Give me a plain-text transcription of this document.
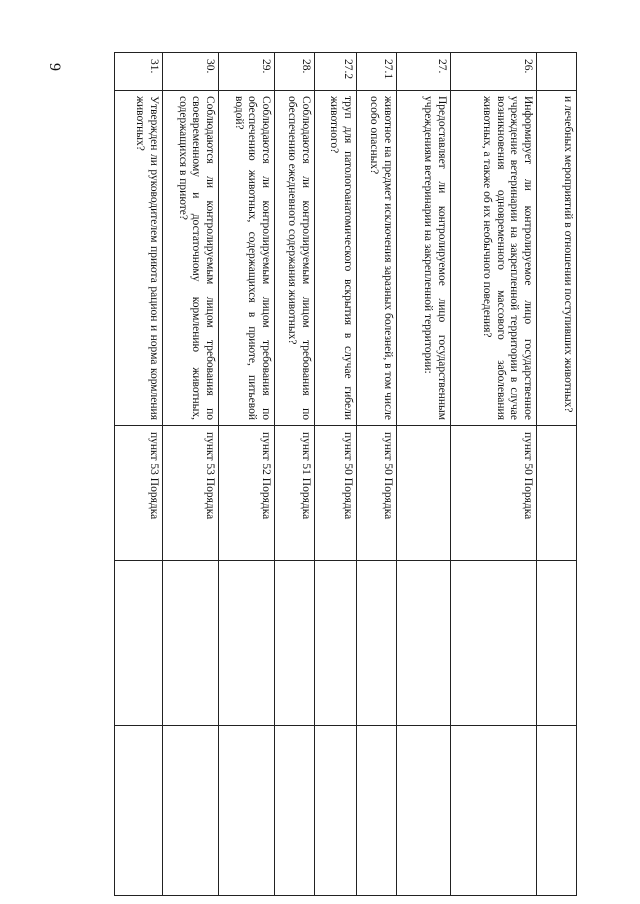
9
	и лечебных мероприятий в отношении поступивших животных?			
26.	Информирует ли контролируемое лицо государственное учреждение ветеринарии на закрепленной территории в случае возникновения одновременного массового заболевания животных, а также об их необычного поведения?	пункт 50 Порядка		
27.	Предоставляет ли контролируемое лицо государственным учреждениям ветеринарии на закрепленной территории:			
27.1	животное на предмет исключения заразных болезней, в том числе особо опасных?	пункт 50 Порядка		
27.2	труп для патологоанатомического вскрытия в случае гибели животного?	пункт 50 Порядка		
28.	Соблюдаются ли контролируемым лицом требования по обеспечению ежедневного содержания животных?	пункт 51 Порядка		
29.	Соблюдаются ли контролируемым лицом требования по обеспечению животных, содержащихся в приюте, питьевой водой?	пункт 52 Порядка		
30.	Соблюдаются ли контролируемым лицом требования по своевременному и достаточному кормлению животных, содержащихся в приюте?	пункт 53 Порядка		
31.	Утвержден ли руководителем приюта рацион и норма кормления животных?	пункт 53 Порядка		
